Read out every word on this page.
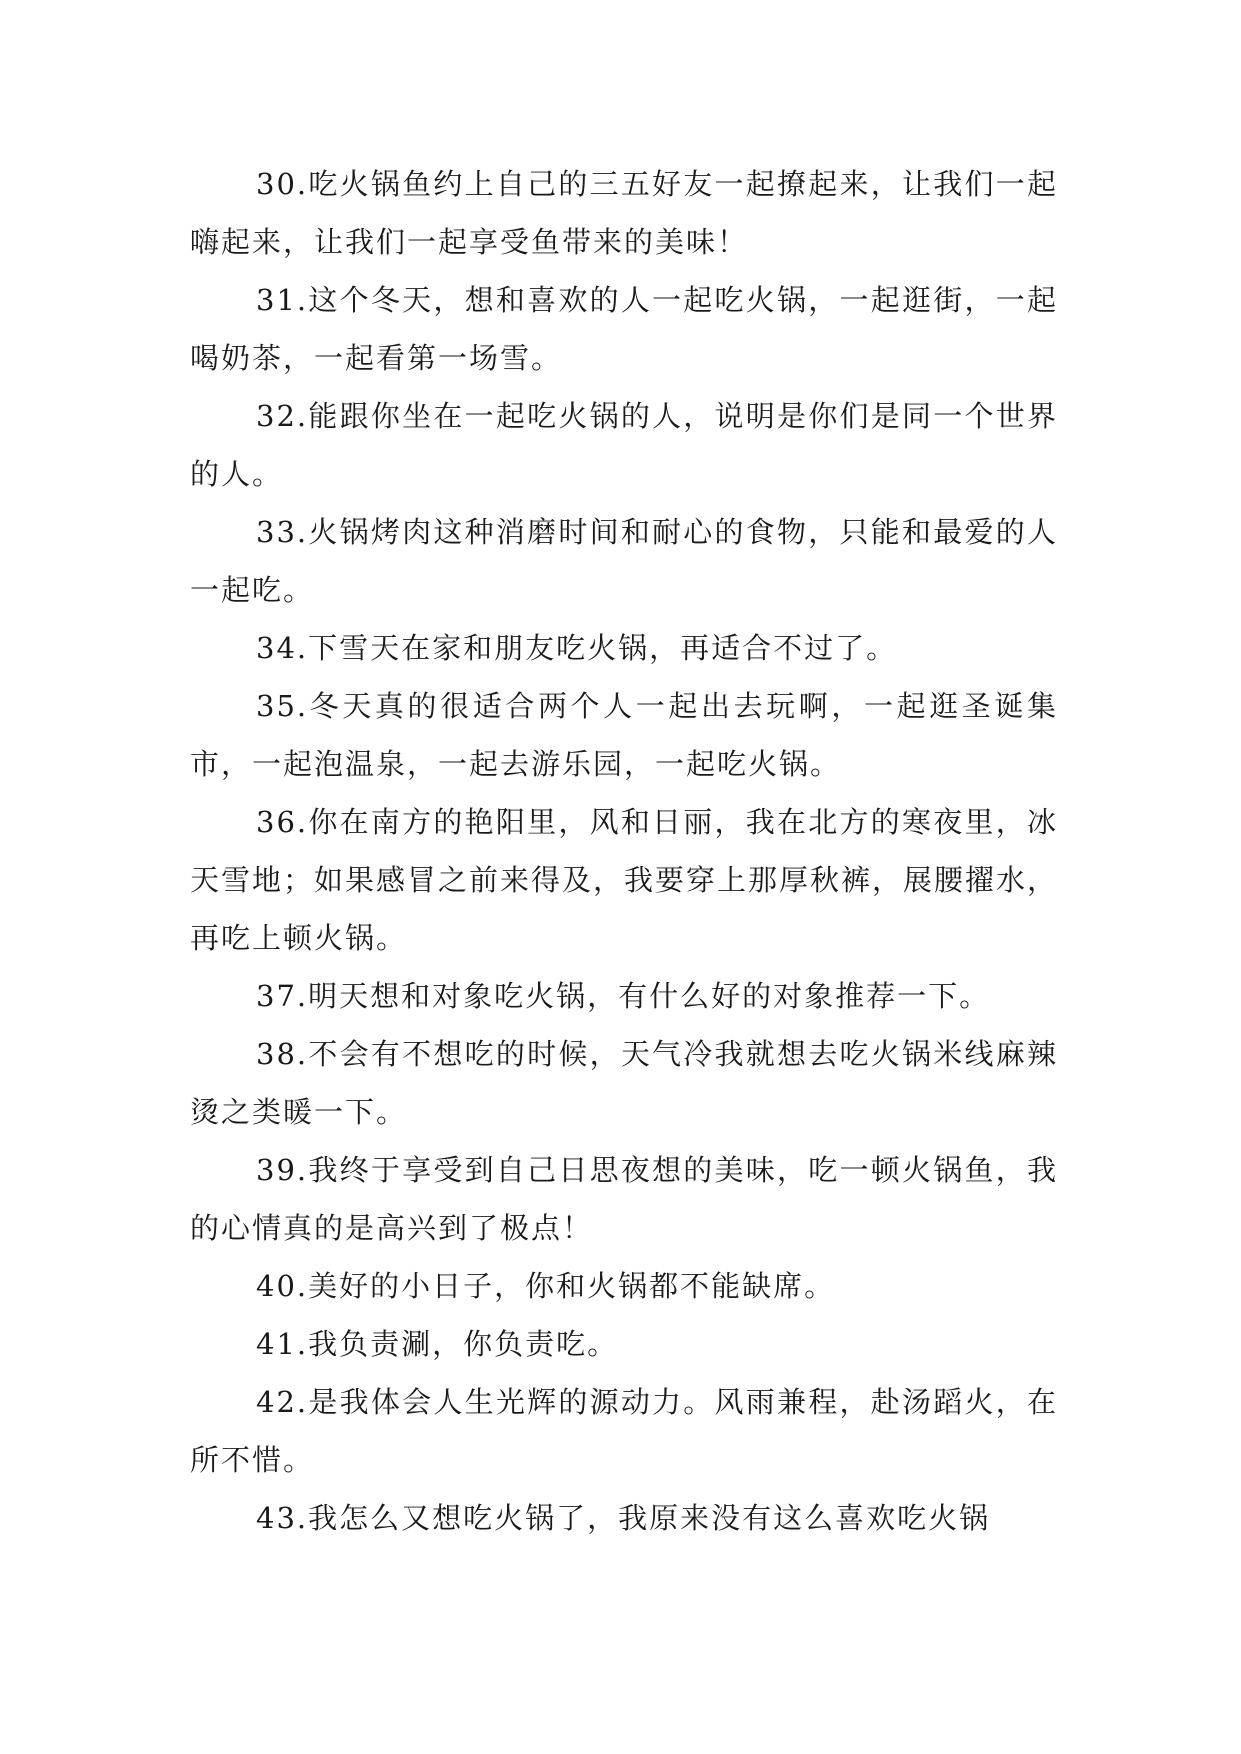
30.吃火锅鱼约上自己的三五好友一起撩起来，让我们一起嗨起来，让我们一起享受鱼带来的美味！

31.这个冬天，想和喜欢的人一起吃火锅，一起逛街，一起喝奶茶，一起看第一场雪。

32.能跟你坐在一起吃火锅的人，说明是你们是同一个世界的人。

33.火锅烤肉这种消磨时间和耐心的食物，只能和最爱的人一起吃。

34.下雪天在家和朋友吃火锅，再适合不过了。

35.冬天真的很适合两个人一起出去玩啊，一起逛圣诞集市，一起泡温泉，一起去游乐园，一起吃火锅。

36.你在南方的艳阳里，风和日丽，我在北方的寒夜里，冰天雪地；如果感冒之前来得及，我要穿上那厚秋裤，展腰擢水，再吃上顿火锅。

37.明天想和对象吃火锅，有什么好的对象推荐一下。

38.不会有不想吃的时候，天气冷我就想去吃火锅米线麻辣烫之类暖一下。

39.我终于享受到自己日思夜想的美味，吃一顿火锅鱼，我的心情真的是高兴到了极点！

40.美好的小日子，你和火锅都不能缺席。

41.我负责涮，你负责吃。

42.是我体会人生光辉的源动力。风雨兼程，赴汤蹈火，在所不惜。

43.我怎么又想吃火锅了，我原来没有这么喜欢吃火锅
